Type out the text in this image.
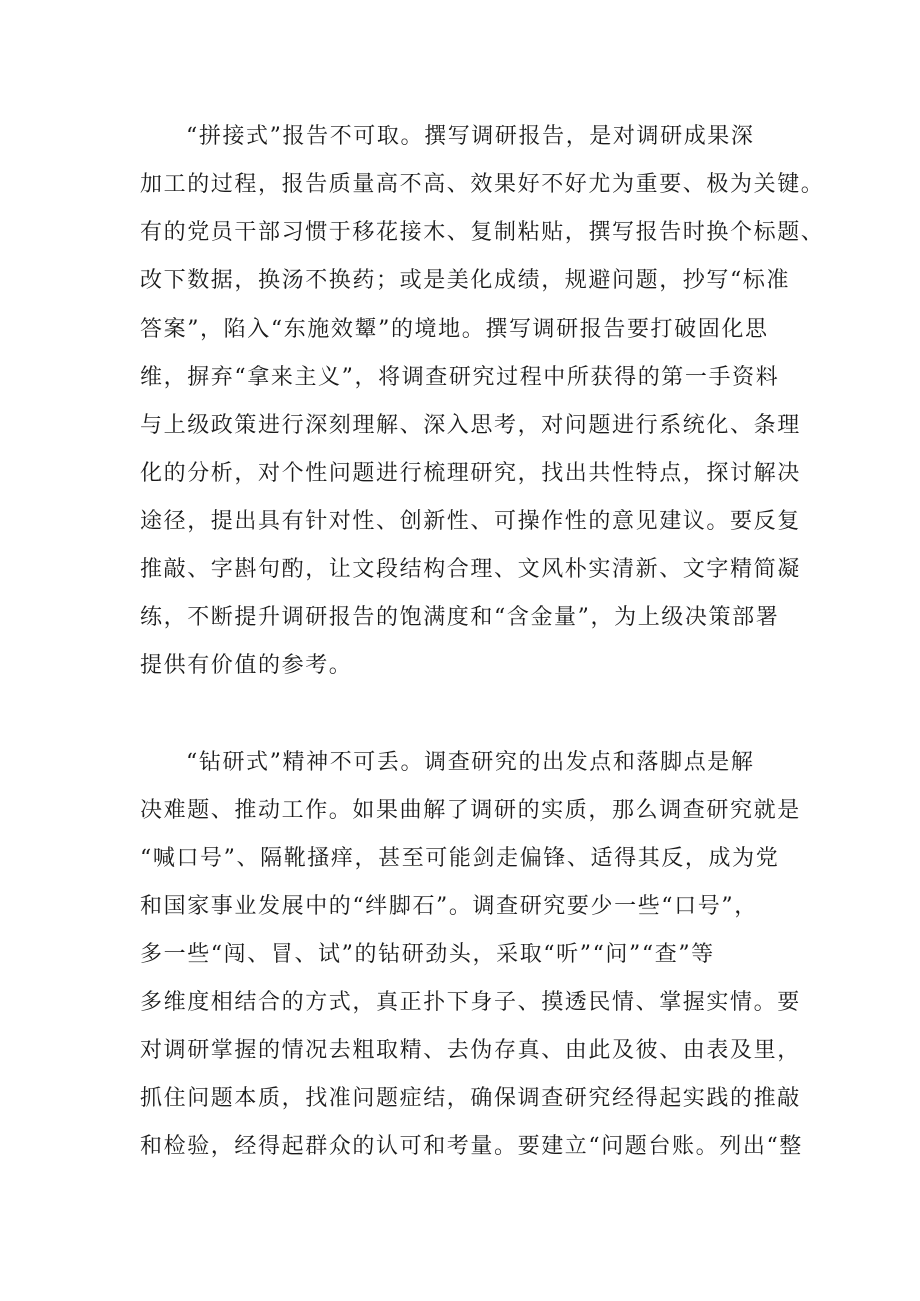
“拼接式”报告不可取。撰写调研报告，是对调研成果深
加工的过程，报告质量高不高、效果好不好尤为重要、极为关键。
有的党员干部习惯于移花接木、复制粘贴，撰写报告时换个标题、
改下数据，换汤不换药；或是美化成绩，规避问题，抄写“标准
答案”，陷入“东施效颦”的境地。撰写调研报告要打破固化思
维，摒弃“拿来主义”，将调查研究过程中所获得的第一手资料
与上级政策进行深刻理解、深入思考，对问题进行系统化、条理
化的分析，对个性问题进行梳理研究，找出共性特点，探讨解决
途径，提出具有针对性、创新性、可操作性的意见建议。要反复
推敲、字斟句酌，让文段结构合理、文风朴实清新、文字精简凝
练，不断提升调研报告的饱满度和“含金量”，为上级决策部署
提供有价值的参考。
“钻研式”精神不可丢。调查研究的出发点和落脚点是解
决难题、推动工作。如果曲解了调研的实质，那么调查研究就是
“喊口号”、隔靴搔痒，甚至可能剑走偏锋、适得其反，成为党
和国家事业发展中的“绊脚石”。调查研究要少一些“口号”，
多一些“闯、冒、试”的钻研劲头，采取“听”“问”“查”等
多维度相结合的方式，真正扑下身子、摸透民情、掌握实情。要
对调研掌握的情况去粗取精、去伪存真、由此及彼、由表及里，
抓住问题本质，找准问题症结，确保调查研究经得起实践的推敲
和检验，经得起群众的认可和考量。要建立“问题台账。列出“整
